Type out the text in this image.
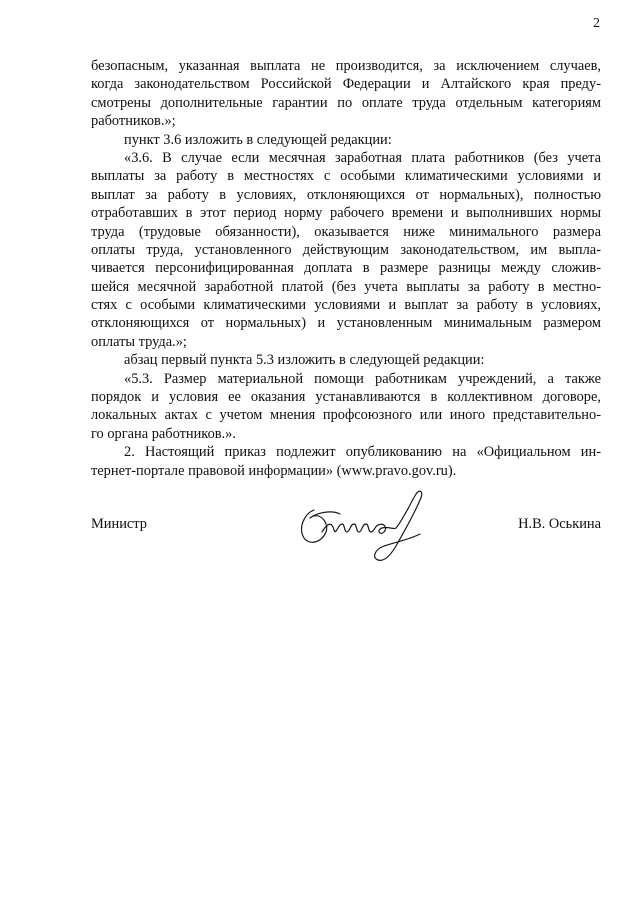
2
безопасным, указанная выплата не производится, за исключением случаев,
когда законодательством Российской Федерации и Алтайского края преду-
смотрены дополнительные гарантии по оплате труда отдельным категориям
работников.»;
пункт 3.6 изложить в следующей редакции:
«3.6. В случае если месячная заработная плата работников (без учета
выплаты за работу в местностях с особыми климатическими условиями и
выплат за работу в условиях, отклоняющихся от нормальных), полностью
отработавших в этот период норму рабочего времени и выполнивших нормы
труда (трудовые обязанности), оказывается ниже минимального размера
оплаты труда, установленного действующим законодательством, им выпла-
чивается персонифицированная доплата в размере разницы между сложив-
шейся месячной заработной платой (без учета выплаты за работу в местно-
стях с особыми климатическими условиями и выплат за работу в условиях,
отклоняющихся от нормальных) и установленным минимальным размером
оплаты труда.»;
абзац первый пункта 5.3 изложить в следующей редакции:
«5.3. Размер материальной помощи работникам учреждений, а также
порядок и условия ее оказания устанавливаются в коллективном договоре,
локальных актах с учетом мнения профсоюзного или иного представительно-
го органа работников.».
2. Настоящий приказ подлежит опубликованию на «Официальном ин-
тернет-портале правовой информации» (www.pravo.gov.ru).
Министр	Н.В. Оськина
